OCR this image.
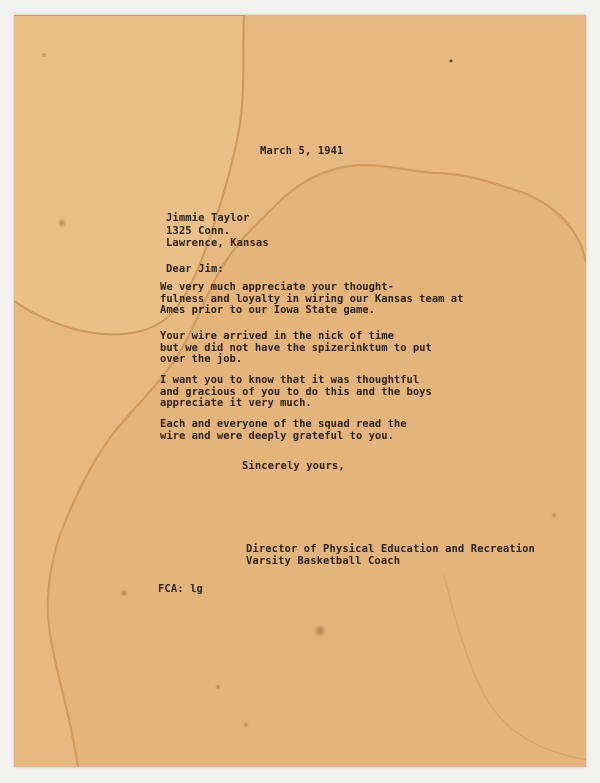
March 5, 1941
Jimmie Taylor
1325 Conn.
Lawrence, Kansas
Dear Jim:
We very much appreciate your thought-
fulness and loyalty in wiring our Kansas team at
Ames prior to our Iowa State game.
Your wire arrived in the nick of time
but we did not have the spizerinktum to put
over the job.
I want you to know that it was thoughtful
and gracious of you to do this and the boys
appreciate it very much.
Each and everyone of the squad read the
wire and were deeply grateful to you.
Sincerely yours,
Director of Physical Education and Recreation
Varsity Basketball Coach
FCA: lg
